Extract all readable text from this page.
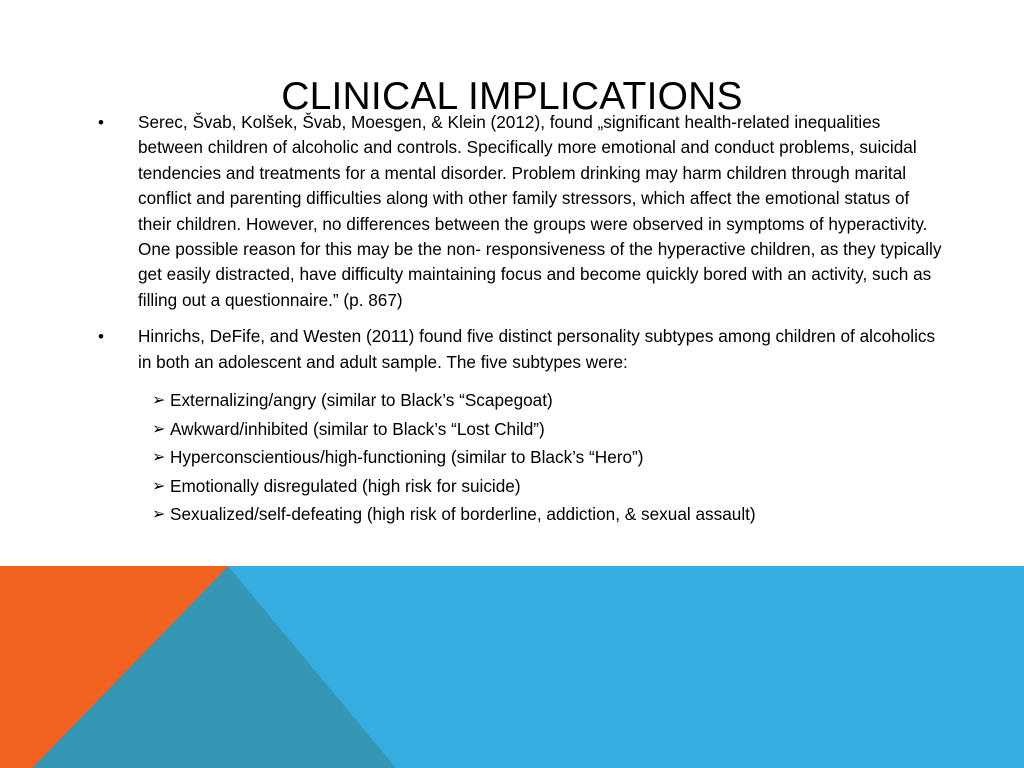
CLINICAL IMPLICATIONS
• Serec, Švab, Kolšek, Švab, Moesgen, & Klein (2012), found „significant health-related inequalities between children of alcoholic and controls. Specifically more emotional and conduct problems, suicidal tendencies and treatments for a mental disorder. Problem drinking may harm children through marital conflict and parenting difficulties along with other family stressors, which affect the emotional status of their children. However, no differences between the groups were observed in symptoms of hyperactivity. One possible reason for this may be the non- responsiveness of the hyperactive children, as they typically get easily distracted, have difficulty maintaining focus and become quickly bored with an activity, such as filling out a questionnaire.” (p. 867)
• Hinrichs, DeFife, and Westen (2011) found five distinct personality subtypes among children of alcoholics in both an adolescent and adult sample. The five subtypes were:
➢ Externalizing/angry (similar to Black’s “Scapegoat)
➢ Awkward/inhibited (similar to Black’s “Lost Child”)
➢ Hyperconscientious/high-functioning (similar to Black’s “Hero”)
➢ Emotionally disregulated (high risk for suicide)
➢ Sexualized/self-defeating (high risk of borderline, addiction, & sexual assault)
